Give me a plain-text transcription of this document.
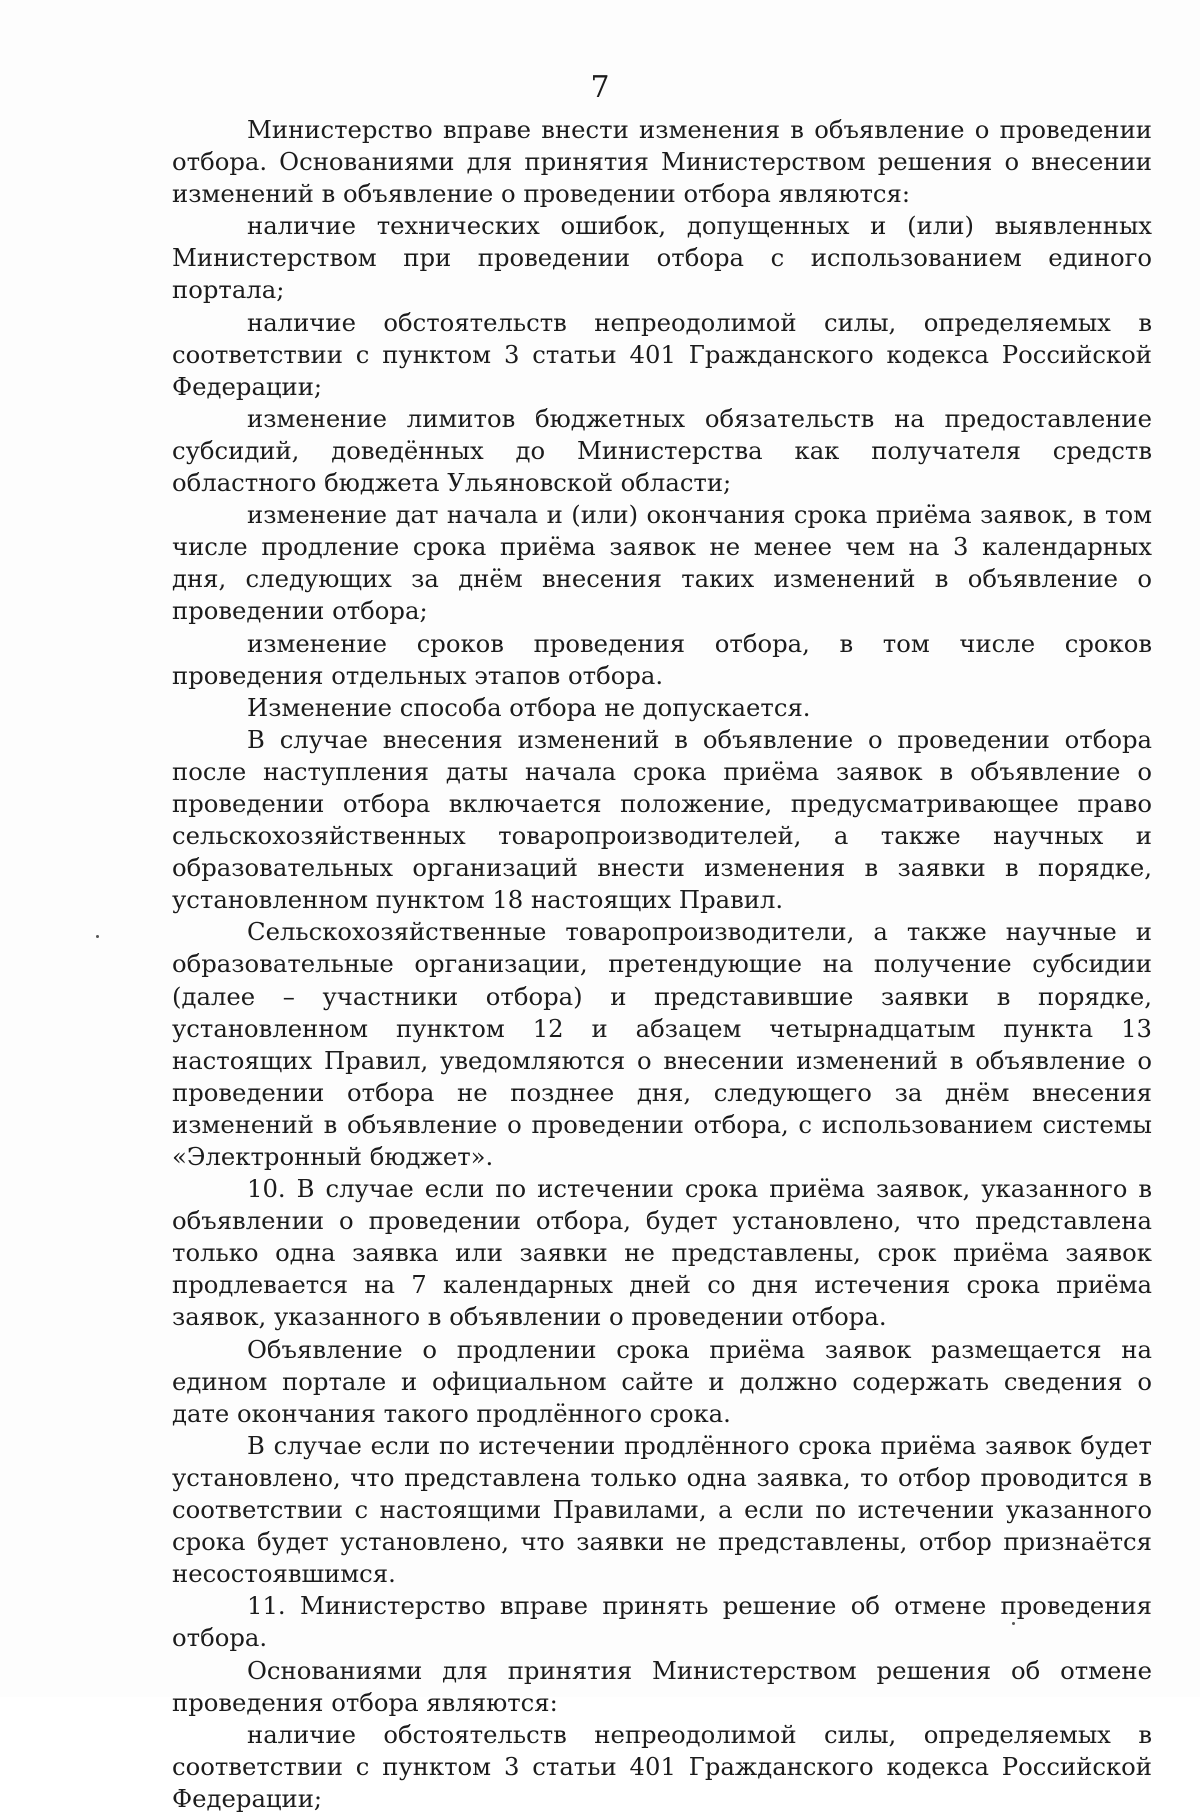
7

Министерство вправе внести изменения в объявление о проведении отбора. Основаниями для принятия Министерством решения о внесении изменений в объявление о проведении отбора являются:

наличие технических ошибок, допущенных и (или) выявленных Министерством при проведении отбора с использованием единого портала;

наличие обстоятельств непреодолимой силы, определяемых в соответствии с пунктом 3 статьи 401 Гражданского кодекса Российской Федерации;

изменение лимитов бюджетных обязательств на предоставление субсидий, доведённых до Министерства как получателя средств областного бюджета Ульяновской области;

изменение дат начала и (или) окончания срока приёма заявок, в том числе продление срока приёма заявок не менее чем на 3 календарных дня, следующих за днём внесения таких изменений в объявление о проведении отбора;

изменение сроков проведения отбора, в том числе сроков проведения отдельных этапов отбора.

Изменение способа отбора не допускается.

В случае внесения изменений в объявление о проведении отбора после наступления даты начала срока приёма заявок в объявление о проведении отбора включается положение, предусматривающее право сельскохозяйственных товаропроизводителей, а также научных и образовательных организаций внести изменения в заявки в порядке, установленном пунктом 18 настоящих Правил.

Сельскохозяйственные товаропроизводители, а также научные и образовательные организации, претендующие на получение субсидии (далее – участники отбора) и представившие заявки в порядке, установленном пунктом 12 и абзацем четырнадцатым пункта 13 настоящих Правил, уведомляются о внесении изменений в объявление о проведении отбора не позднее дня, следующего за днём внесения изменений в объявление о проведении отбора, с использованием системы «Электронный бюджет».

10. В случае если по истечении срока приёма заявок, указанного в объявлении о проведении отбора, будет установлено, что представлена только одна заявка или заявки не представлены, срок приёма заявок продлевается на 7 календарных дней со дня истечения срока приёма заявок, указанного в объявлении о проведении отбора.

Объявление о продлении срока приёма заявок размещается на едином портале и официальном сайте и должно содержать сведения о дате окончания такого продлённого срока.

В случае если по истечении продлённого срока приёма заявок будет установлено, что представлена только одна заявка, то отбор проводится в соответствии с настоящими Правилами, а если по истечении указанного срока будет установлено, что заявки не представлены, отбор признаётся несостоявшимся.

11. Министерство вправе принять решение об отмене проведения отбора.

Основаниями для принятия Министерством решения об отмене проведения отбора являются:

наличие обстоятельств непреодолимой силы, определяемых в соответствии с пунктом 3 статьи 401 Гражданского кодекса Российской Федерации;
